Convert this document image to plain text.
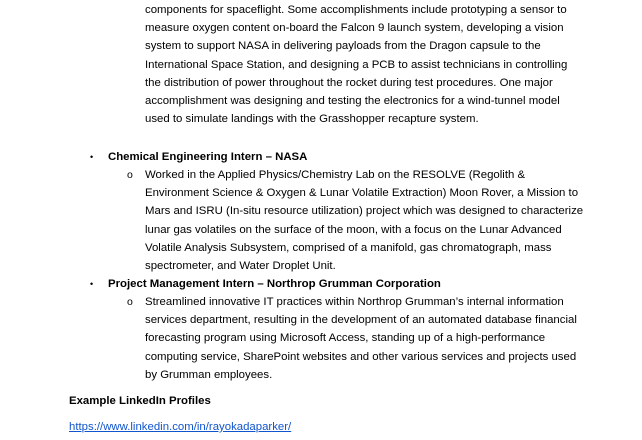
components for spaceflight. Some accomplishments include prototyping a sensor to measure oxygen content on-board the Falcon 9 launch system, developing a vision system to support NASA in delivering payloads from the Dragon capsule to the International Space Station, and designing a PCB to assist technicians in controlling the distribution of power throughout the rocket during test procedures. One major accomplishment was designing and testing the electronics for a wind-tunnel model used to simulate landings with the Grasshopper recapture system.

• Chemical Engineering Intern – NASA
o Worked in the Applied Physics/Chemistry Lab on the RESOLVE (Regolith & Environment Science & Oxygen & Lunar Volatile Extraction) Moon Rover, a Mission to Mars and ISRU (In-situ resource utilization) project which was designed to characterize lunar gas volatiles on the surface of the moon, with a focus on the Lunar Advanced Volatile Analysis Subsystem, comprised of a manifold, gas chromatograph, mass spectrometer, and Water Droplet Unit.

• Project Management Intern – Northrop Grumman Corporation
o Streamlined innovative IT practices within Northrop Grumman’s internal information services department, resulting in the development of an automated database financial forecasting program using Microsoft Access, standing up of a high-performance computing service, SharePoint websites and other various services and projects used by Grumman employees.

Example LinkedIn Profiles
https://www.linkedin.com/in/rayokadaparker/
